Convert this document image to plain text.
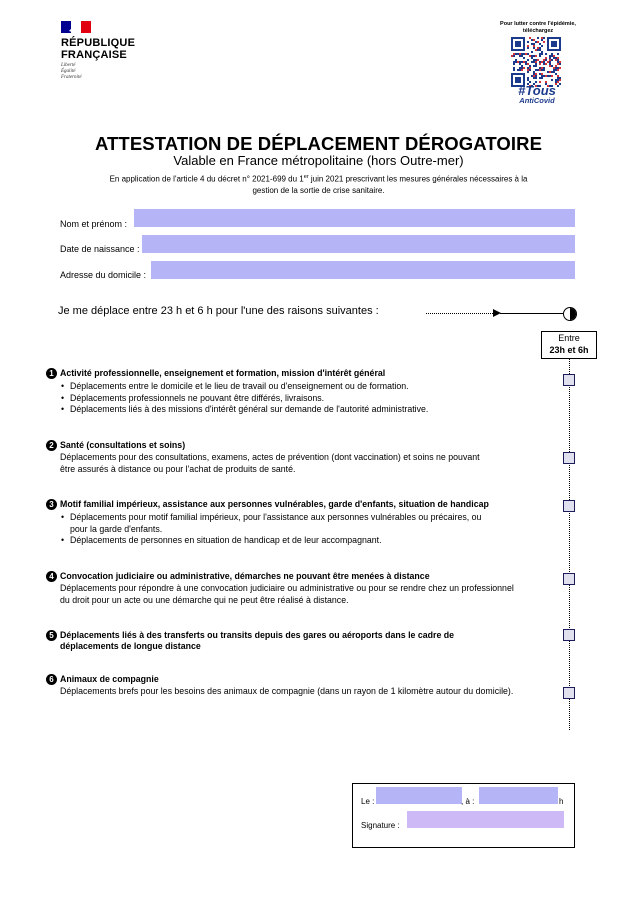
RÉPUBLIQUE
FRANÇAISE
Liberté
Égalité
Fraternité
Pour lutter contre l'épidémie, téléchargez
#Tous
AntiCovid
ATTESTATION DE DÉPLACEMENT DÉROGATOIRE
Valable en France métropolitaine (hors Outre-mer)
En application de l'article 4 du décret n° 2021-699 du 1er juin 2021 prescrivant les mesures générales nécessaires à la gestion de la sortie de crise sanitaire.
Nom et prénom :
Date de naissance :
Adresse du domicile :
Je me déplace entre 23 h et 6 h pour l'une des raisons suivantes :
Entre
23h et 6h
1 Activité professionnelle, enseignement et formation, mission d'intérêt général
• Déplacements entre le domicile et le lieu de travail ou d'enseignement ou de formation.
• Déplacements professionnels ne pouvant être différés, livraisons.
• Déplacements liés à des missions d'intérêt général sur demande de l'autorité administrative.
2 Santé (consultations et soins)
Déplacements pour des consultations, examens, actes de prévention (dont vaccination) et soins ne pouvant être assurés à distance ou pour l'achat de produits de santé.
3 Motif familial impérieux, assistance aux personnes vulnérables, garde d'enfants, situation de handicap
• Déplacements pour motif familial impérieux, pour l'assistance aux personnes vulnérables ou précaires, ou pour la garde d'enfants.
• Déplacements de personnes en situation de handicap et de leur accompagnant.
4 Convocation judiciaire ou administrative, démarches ne pouvant être menées à distance
Déplacements pour répondre à une convocation judiciaire ou administrative ou pour se rendre chez un professionnel du droit pour un acte ou une démarche qui ne peut être réalisé à distance.
5 Déplacements liés à des transferts ou transits depuis des gares ou aéroports dans le cadre de déplacements de longue distance
6 Animaux de compagnie
Déplacements brefs pour les besoins des animaux de compagnie (dans un rayon de 1 kilomètre autour du domicile).
Le :	, à :	h
Signature :
